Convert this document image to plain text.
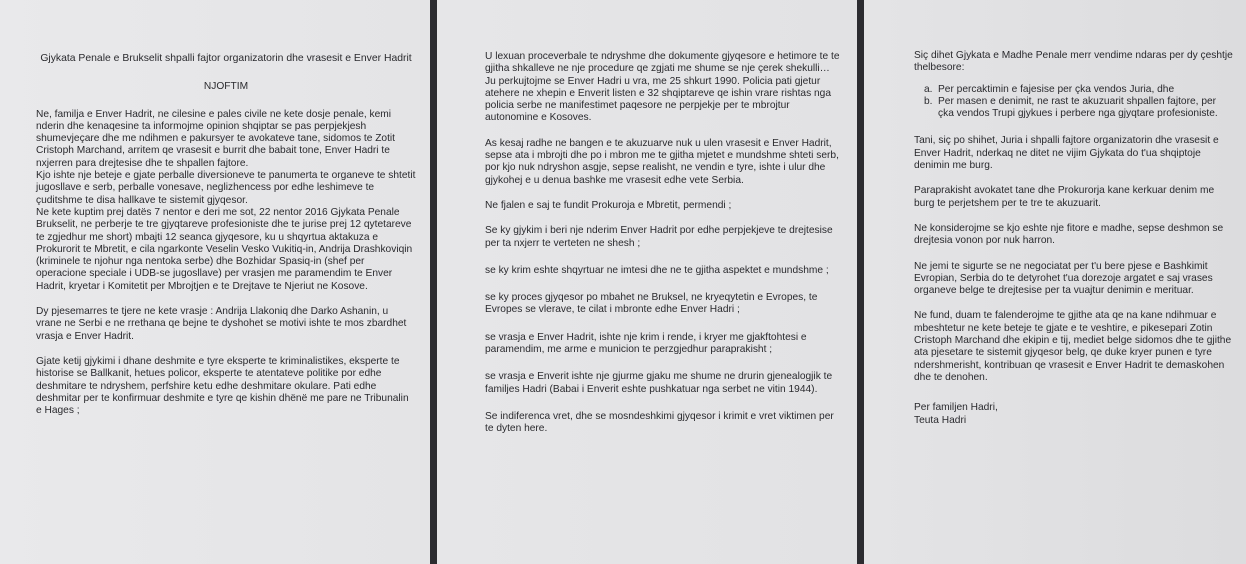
Gjykata Penale e Brukselit shpalli fajtor organizatorin dhe vrasesit e Enver Hadrit

NJOFTIM

Ne, familja e Enver Hadrit, ne cilesine e pales civile ne kete dosje penale, kemi nderin dhe kenaqesine ta informojme opinion shqiptar se pas perpjekjesh shumevjeçare dhe me ndihmen e pakursyer te avokateve tane, sidomos te Zotit Cristoph Marchand, arritem qe vrasesit e burrit dhe babait tone, Enver Hadri te nxjerren para drejtesise dhe te shpallen fajtore.

Kjo ishte nje beteje e gjate perballe diversioneve te panumerta te organeve te shtetit jugosllave e serb, perballe vonesave, neglizhencess por edhe leshimeve te çuditshme te disa hallkave te sistemit gjyqesor.

Ne kete kuptim prej datës 7 nentor e deri me sot, 22 nentor 2016 Gjykata Penale Brukselit, ne perberje te tre gjyqtareve profesioniste dhe te jurise prej 12 qytetareve te zgjedhur me short) mbajti 12 seanca gjyqesore, ku u shqyrtua aktakuza e Prokurorit te Mbretit, e cila ngarkonte Veselin Vesko Vukitiq-in, Andrija Drashkoviqin (kriminele te njohur nga nentoka serbe) dhe Bozhidar Spasiq-in (shef per operacione speciale i UDB-se jugosllave) per vrasjen me paramendim te Enver Hadrit, kryetar i Komitetit per Mbrojtjen e te Drejtave te Njeriut ne Kosove.

Dy pjesemarres te tjere ne kete vrasje : Andrija Llakoniq dhe Darko Ashanin, u vrane ne Serbi e ne rrethana qe bejne te dyshohet se motivi ishte te mos zbardhet vrasja e Enver Hadrit.

Gjate ketij gjykimi i dhane deshmite e tyre eksperte te kriminalistikes, eksperte te historise se Ballkanit, hetues policor, eksperte te atentateve politike por edhe deshmitare te ndryshem, perfshire ketu edhe deshmitare okulare. Pati edhe deshmitar per te konfirmuar deshmite e tyre qe kishin dhënë me pare ne Tribunalin e Hages ;

U lexuan proceverbale te ndryshme dhe dokumente gjyqesore e hetimore te te gjitha shkalleve ne nje procedure qe zgjati me shume se nje çerek shekulli…

Ju perkujtojme se Enver Hadri u vra, me 25 shkurt 1990. Policia pati gjetur atehere ne xhepin e Enverit listen e 32 shqiptareve qe ishin vrare rishtas nga policia serbe ne manifestimet paqesore ne perpjekje per te mbrojtur autonomine e Kosoves.

As kesaj radhe ne bangen e te akuzuarve nuk u ulen vrasesit e Enver Hadrit, sepse ata i mbrojti dhe po i mbron me te gjitha mjetet e mundshme shteti serb, por kjo nuk ndryshon asgje, sepse realisht, ne vendin e tyre, ishte i ulur dhe gjykohej e u denua bashke me vrasesit edhe vete Serbia.

Ne fjalen e saj te fundit Prokuroja e Mbretit, permendi ;

Se ky gjykim i beri nje nderim Enver Hadrit por edhe perpjekjeve te drejtesise per ta nxjerr te verteten ne shesh ;

se ky krim eshte shqyrtuar ne imtesi dhe ne te gjitha aspektet e mundshme ;

se ky proces gjyqesor po mbahet ne Bruksel, ne kryeqytetin e Evropes, te Evropes se vlerave, te cilat i mbronte edhe Enver Hadri ;

se vrasja e Enver Hadrit, ishte nje krim i rende, i kryer me gjakftohtesi e paramendim, me arme e municion te perzgjedhur paraprakisht ;

se vrasja e Enverit ishte nje gjurme gjaku me shume ne drurin gjenealogjik te familjes Hadri (Babai i Enverit eshte pushkatuar nga serbet ne vitin 1944).

Se indiferenca vret, dhe se mosndeshkimi gjyqesor i krimit e vret viktimen per te dyten here.

Siç dihet Gjykata e Madhe Penale merr vendime ndaras per dy çeshtje thelbesore:

a. Per percaktimin e fajesise per çka vendos Juria, dhe
b. Per masen e denimit, ne rast te akuzuarit shpallen fajtore, per çka vendos Trupi gjykues i perbere nga gjyqtare profesioniste.

Tani, siç po shihet, Juria i shpalli fajtore organizatorin dhe vrasesit e Enver Hadrit, nderkaq ne ditet ne vijim Gjykata do t'ua shqiptoje denimin me burg.

Paraprakisht avokatet tane dhe Prokurorja kane kerkuar denim me burg te perjetshem per te tre te akuzuarit.

Ne konsiderojme se kjo eshte nje fitore e madhe, sepse deshmon se drejtesia vonon por nuk harron.

Ne jemi te sigurte se ne negociatat per t'u bere pjese e Bashkimit Evropian, Serbia do te detyrohet t'ua dorezoje argatet e saj vrases organeve belge te drejtesise per ta vuajtur denimin e merituar.

Ne fund, duam te falenderojme te gjithe ata qe na kane ndihmuar e mbeshtetur ne kete beteje te gjate e te veshtire, e pikesepari Zotin Cristoph Marchand dhe ekipin e tij, mediet belge sidomos dhe te gjithe ata pjesetare te sistemit gjyqesor belg, qe duke kryer punen e tyre ndershmerisht, kontribuan qe vrasesit e Enver Hadrit te demaskohen dhe te denohen.

Per familjen Hadri,

Teuta Hadri
